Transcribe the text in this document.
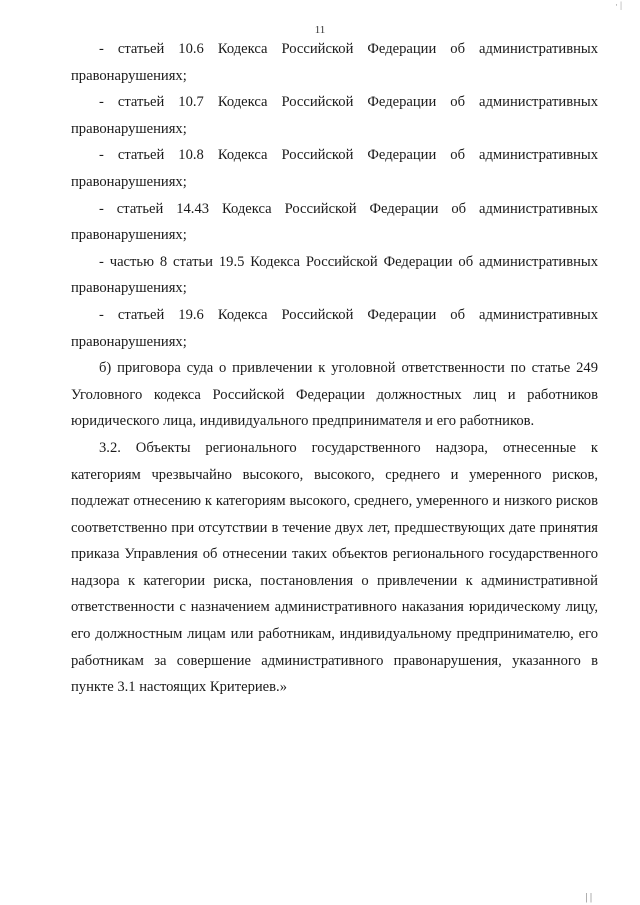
· |
11

- статьей 10.6 Кодекса Российской Федерации об административных правонарушениях;

- статьей 10.7 Кодекса Российской Федерации об административных правонарушениях;

- статьей 10.8 Кодекса Российской Федерации об административных правонарушениях;

- статьей 14.43 Кодекса Российской Федерации об административных правонарушениях;

- частью 8 статьи 19.5 Кодекса Российской Федерации об административных правонарушениях;

- статьей 19.6 Кодекса Российской Федерации об административных правонарушениях;

б) приговора суда о привлечении к уголовной ответственности по статье 249 Уголовного кодекса Российской Федерации должностных лиц и работников юридического лица, индивидуального предпринимателя и его работников.

3.2. Объекты регионального государственного надзора, отнесенные к категориям чрезвычайно высокого, высокого, среднего и умеренного рисков, подлежат отнесению к категориям высокого, среднего, умеренного и низкого рисков соответственно при отсутствии в течение двух лет, предшествующих дате принятия приказа Управления об отнесении таких объектов регионального государственного надзора к категории риска, постановления о привлечении к административной ответственности с назначением административного наказания юридическому лицу, его должностным лицам или работникам, индивидуальному предпринимателю, его работникам за совершение административного правонарушения, указанного в пункте 3.1 настоящих Критериев.»

| |
